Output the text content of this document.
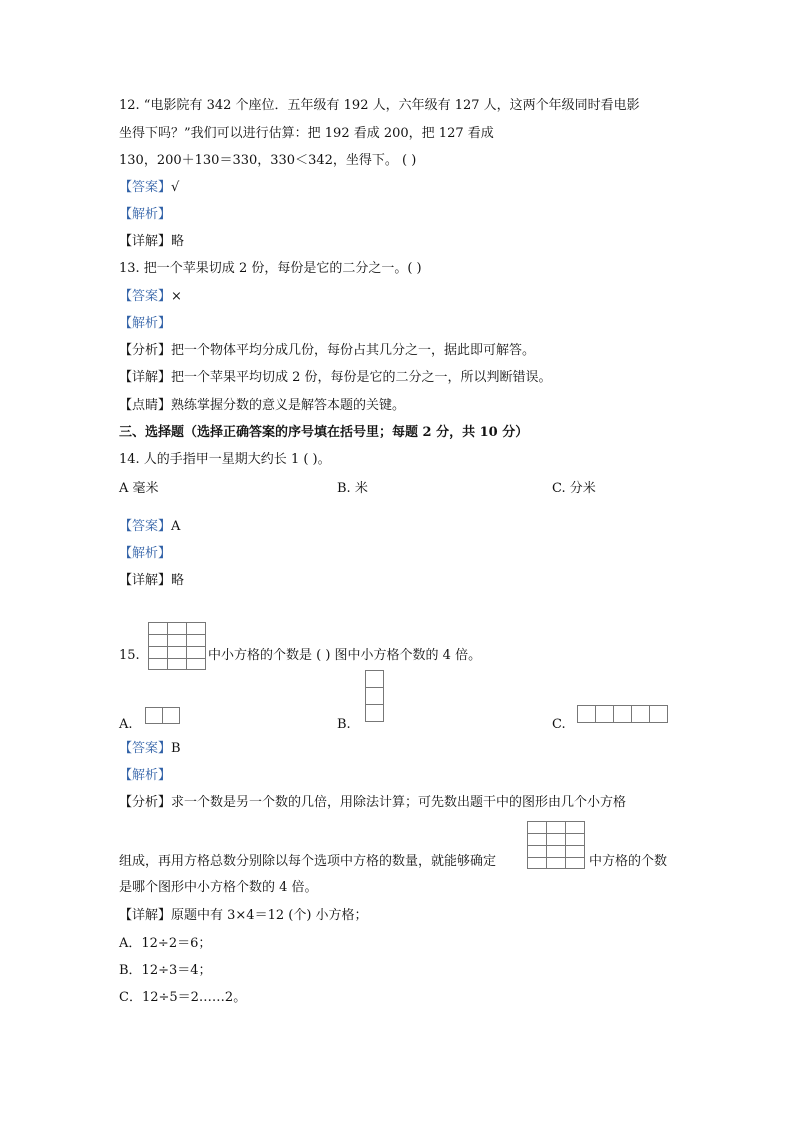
12. “电影院有 342 个座位．五年级有 192 人，六年级有 127 人，这两个年级同时看电影
坐得下吗？”我们可以进行估算：把 192 看成 200，把 127 看成
130，200＋130＝330，330＜342，坐得下。 ( )
【答案】√
【解析】
【详解】略
13. 把一个苹果切成 2 份，每份是它的二分之一。( )
【答案】×
【解析】
【分析】把一个物体平均分成几份，每份占其几分之一，据此即可解答。
【详解】把一个苹果平均切成 2 份，每份是它的二分之一，所以判断错误。
【点睛】熟练掌握分数的意义是解答本题的关键。
三、选择题（选择正确答案的序号填在括号里；每题 2 分，共 10 分）
14. 人的手指甲一星期大约长 1 ( )。
A 毫米	B. 米	C. 分米
【答案】A
【解析】
【详解】略
15.

			中小方格的个数是 ( ) 图中小方格个数的 4 倍。
A.
		B.	C.

【答案】B
【解析】
【分析】求一个数是另一个数的几倍，用除法计算；可先数出题干中的图形由几个小方格
组成，再用方格总数分别除以每个选项中方格的数量，就能够确定

			中方格的个数
是哪个图形中小方格个数的 4 倍。
【详解】原题中有 3×4＝12 (个) 小方格；
A．12÷2＝6；
B．12÷3＝4；
C．12÷5＝2……2。
